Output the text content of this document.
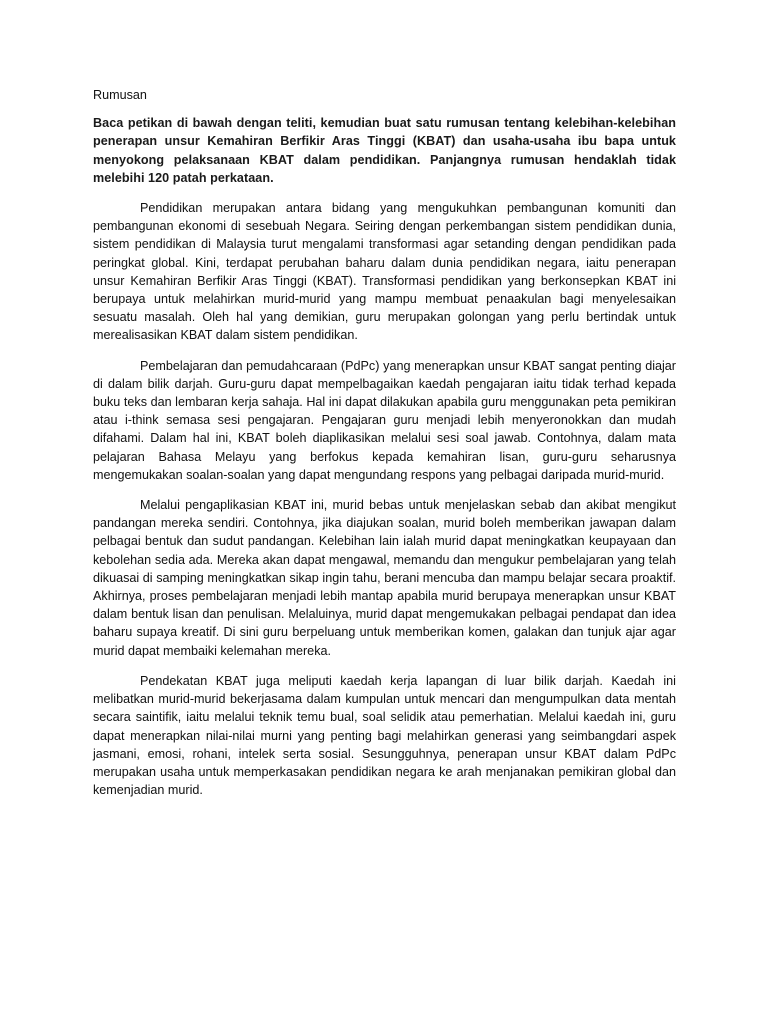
Rumusan

Baca petikan di bawah dengan teliti, kemudian buat satu rumusan tentang kelebihan-kelebihan penerapan unsur Kemahiran Berfikir Aras Tinggi (KBAT) dan usaha-usaha ibu bapa untuk menyokong pelaksanaan KBAT dalam pendidikan. Panjangnya rumusan hendaklah tidak melebihi 120 patah perkataan.

Pendidikan merupakan antara bidang yang mengukuhkan pembangunan komuniti dan pembangunan ekonomi di sesebuah Negara. Seiring dengan perkembangan sistem pendidikan dunia, sistem pendidikan di Malaysia turut mengalami transformasi agar setanding dengan pendidikan pada peringkat global. Kini, terdapat perubahan baharu dalam dunia pendidikan negara, iaitu penerapan unsur Kemahiran Berfikir Aras Tinggi (KBAT). Transformasi pendidikan yang berkonsepkan KBAT ini berupaya untuk melahirkan murid-murid yang mampu membuat penaakulan bagi menyelesaikan sesuatu masalah. Oleh hal yang demikian, guru merupakan golongan yang perlu bertindak untuk merealisasikan KBAT dalam sistem pendidikan.

Pembelajaran dan pemudahcaraan (PdPc) yang menerapkan unsur KBAT sangat penting diajar di dalam bilik darjah. Guru-guru dapat mempelbagaikan kaedah pengajaran iaitu tidak terhad kepada buku teks dan lembaran kerja sahaja. Hal ini dapat dilakukan apabila guru menggunakan peta pemikiran atau i-think semasa sesi pengajaran. Pengajaran guru menjadi lebih menyeronokkan dan mudah difahami. Dalam hal ini, KBAT boleh diaplikasikan melalui sesi soal jawab. Contohnya, dalam mata pelajaran Bahasa Melayu yang berfokus kepada kemahiran lisan, guru-guru seharusnya mengemukakan soalan-soalan yang dapat mengundang respons yang pelbagai daripada murid-murid.

Melalui pengaplikasian KBAT ini, murid bebas untuk menjelaskan sebab dan akibat mengikut pandangan mereka sendiri. Contohnya, jika diajukan soalan, murid boleh memberikan jawapan dalam pelbagai bentuk dan sudut pandangan. Kelebihan lain ialah murid dapat meningkatkan keupayaan dan kebolehan sedia ada. Mereka akan dapat mengawal, memandu dan mengukur pembelajaran yang telah dikuasai di samping meningkatkan sikap ingin tahu, berani mencuba dan mampu belajar secara proaktif. Akhirnya, proses pembelajaran menjadi lebih mantap apabila murid berupaya menerapkan unsur KBAT dalam bentuk lisan dan penulisan. Melaluinya, murid dapat mengemukakan pelbagai pendapat dan idea baharu supaya kreatif. Di sini guru berpeluang untuk memberikan komen, galakan dan tunjuk ajar agar murid dapat membaiki kelemahan mereka.

Pendekatan KBAT juga meliputi kaedah kerja lapangan di luar bilik darjah. Kaedah ini melibatkan murid-murid bekerjasama dalam kumpulan untuk mencari dan mengumpulkan data mentah secara saintifik, iaitu melalui teknik temu bual, soal selidik atau pemerhatian. Melalui kaedah ini, guru dapat menerapkan nilai-nilai murni yang penting bagi melahirkan generasi yang seimbangdari aspek jasmani, emosi, rohani, intelek serta sosial. Sesungguhnya, penerapan unsur KBAT dalam PdPc merupakan usaha untuk memperkasakan pendidikan negara ke arah menjanakan pemikiran global dan kemenjadian murid.
